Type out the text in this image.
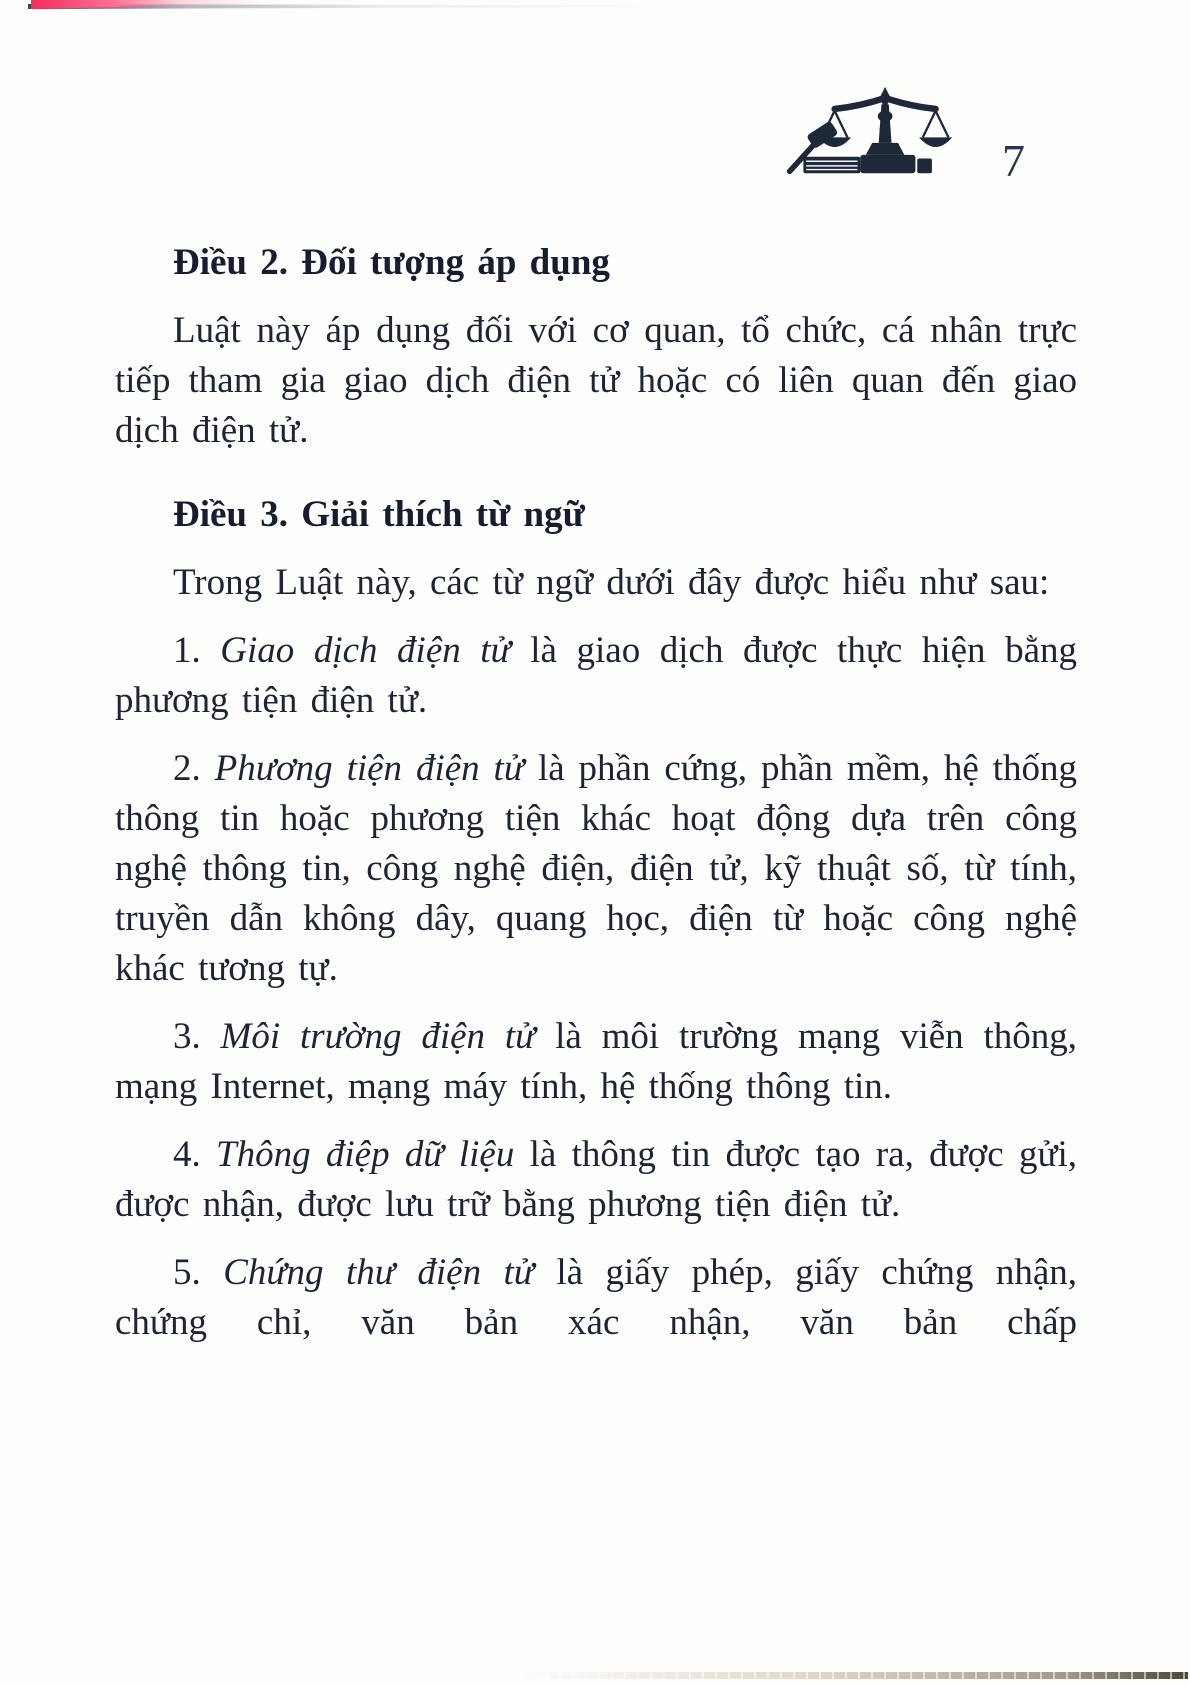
7
Điều 2. Đối tượng áp dụng

Luật này áp dụng đối với cơ quan, tổ chức, cá nhân trực tiếp tham gia giao dịch điện tử hoặc có liên quan đến giao dịch điện tử.

Điều 3. Giải thích từ ngữ

Trong Luật này, các từ ngữ dưới đây được hiểu như sau:

1. Giao dịch điện tử là giao dịch được thực hiện bằng phương tiện điện tử.

2. Phương tiện điện tử là phần cứng, phần mềm, hệ thống thông tin hoặc phương tiện khác hoạt động dựa trên công nghệ thông tin, công nghệ điện, điện tử, kỹ thuật số, từ tính, truyền dẫn không dây, quang học, điện từ hoặc công nghệ khác tương tự.

3. Môi trường điện tử là môi trường mạng viễn thông, mạng Internet, mạng máy tính, hệ thống thông tin.

4. Thông điệp dữ liệu là thông tin được tạo ra, được gửi, được nhận, được lưu trữ bằng phương tiện điện tử.

5. Chứng thư điện tử là giấy phép, giấy chứng nhận, chứng chỉ, văn bản xác nhận, văn bản chấp
